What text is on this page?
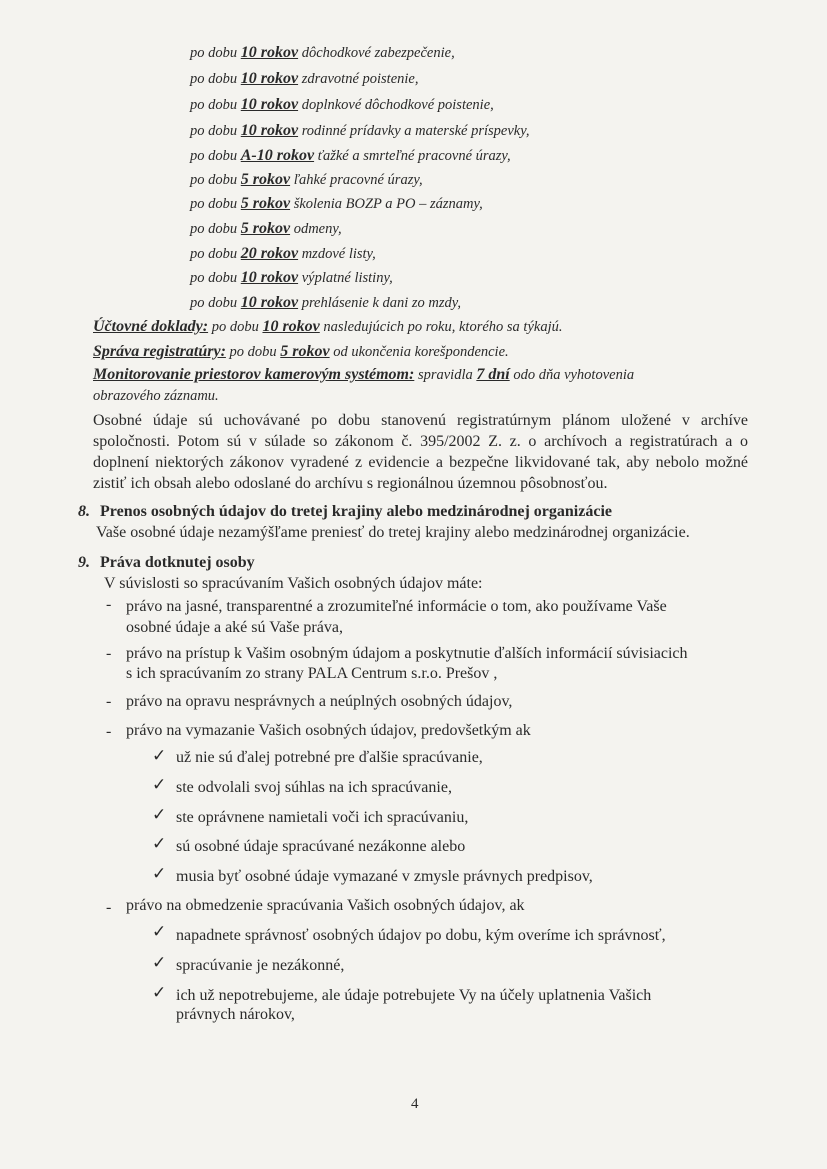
po dobu 10 rokov dôchodkové zabezpečenie,
po dobu 10 rokov zdravotné poistenie,
po dobu 10 rokov doplnkové dôchodkové poistenie,
po dobu 10 rokov rodinné prídavky a materské príspevky,
po dobu A-10 rokov ťažké a smrteľné pracovné úrazy,
po dobu 5 rokov ľahké pracovné úrazy,
po dobu 5 rokov školenia BOZP a PO – záznamy,
po dobu 5 rokov odmeny,
po dobu 20 rokov mzdové listy,
po dobu 10 rokov výplatné listiny,
po dobu 10 rokov prehlásenie k dani zo mzdy,
Účtovné doklady: po dobu 10 rokov nasledujúcich po roku, ktorého sa týkajú.
Správa registratúry: po dobu 5 rokov od ukončenia korešpondencie.
Monitorovanie priestorov kamerovým systémom: spravidla 7 dní odo dňa vyhotovenia
obrazového záznamu.
Osobné údaje sú uchovávané po dobu stanovenú registratúrnym plánom uložené v archíve spoločnosti. Potom sú v súlade so zákonom č. 395/2002 Z. z. o archívoch a registratúrach a o doplnení niektorých zákonov vyradené z evidencie a bezpečne likvidované tak, aby nebolo možné zistiť ich obsah alebo odoslané do archívu s regionálnou územnou pôsobnosťou.
8. Prenos osobných údajov do tretej krajiny alebo medzinárodnej organizácie
Vaše osobné údaje nezamýšľame preniesť do tretej krajiny alebo medzinárodnej organizácie.
9. Práva dotknutej osoby
V súvislosti so spracúvaním Vašich osobných údajov máte:
- právo na jasné, transparentné a zrozumiteľné informácie o tom, ako používame Vaše
osobné údaje a aké sú Vaše práva,
- právo na prístup k Vašim osobným údajom a poskytnutie ďalších informácií súvisiacich
s ich spracúvaním zo strany PALA Centrum s.r.o. Prešov ,
- právo na opravu nesprávnych a neúplných osobných údajov,
- právo na vymazanie Vašich osobných údajov, predovšetkým ak
✓ už nie sú ďalej potrebné pre ďalšie spracúvanie,
✓ ste odvolali svoj súhlas na ich spracúvanie,
✓ ste oprávnene namietali voči ich spracúvaniu,
✓ sú osobné údaje spracúvané nezákonne alebo
✓ musia byť osobné údaje vymazané v zmysle právnych predpisov,
- právo na obmedzenie spracúvania Vašich osobných údajov, ak
✓ napadnete správnosť osobných údajov po dobu, kým overíme ich správnosť,
✓ spracúvanie je nezákonné,
✓ ich už nepotrebujeme, ale údaje potrebujete Vy na účely uplatnenia Vašich
právnych nárokov,
4
